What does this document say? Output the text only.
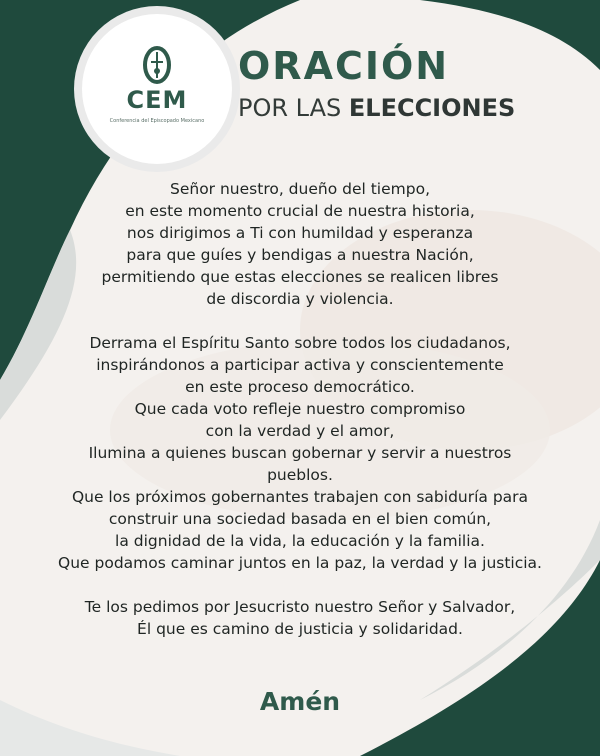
CEM
Conferencia del Episcopado Mexicano
ORACIÓN
POR LAS ELECCIONES
Señor nuestro, dueño del tiempo,
en este momento crucial de nuestra historia,
nos dirigimos a Ti con humildad y esperanza
para que guíes y bendigas a nuestra Nación,
permitiendo que estas elecciones se realicen libres
de discordia y violencia.
Derrama el Espíritu Santo sobre todos los ciudadanos,
inspirándonos a participar activa y conscientemente
en este proceso democrático.
Que cada voto refleje nuestro compromiso
con la verdad y el amor,
Ilumina a quienes buscan gobernar y servir a nuestros
pueblos.
Que los próximos gobernantes trabajen con sabiduría para
construir una sociedad basada en el bien común,
la dignidad de la vida, la educación y la familia.
Que podamos caminar juntos en la paz, la verdad y la justicia.
Te los pedimos por Jesucristo nuestro Señor y Salvador,
Él que es camino de justicia y solidaridad.
Amén
